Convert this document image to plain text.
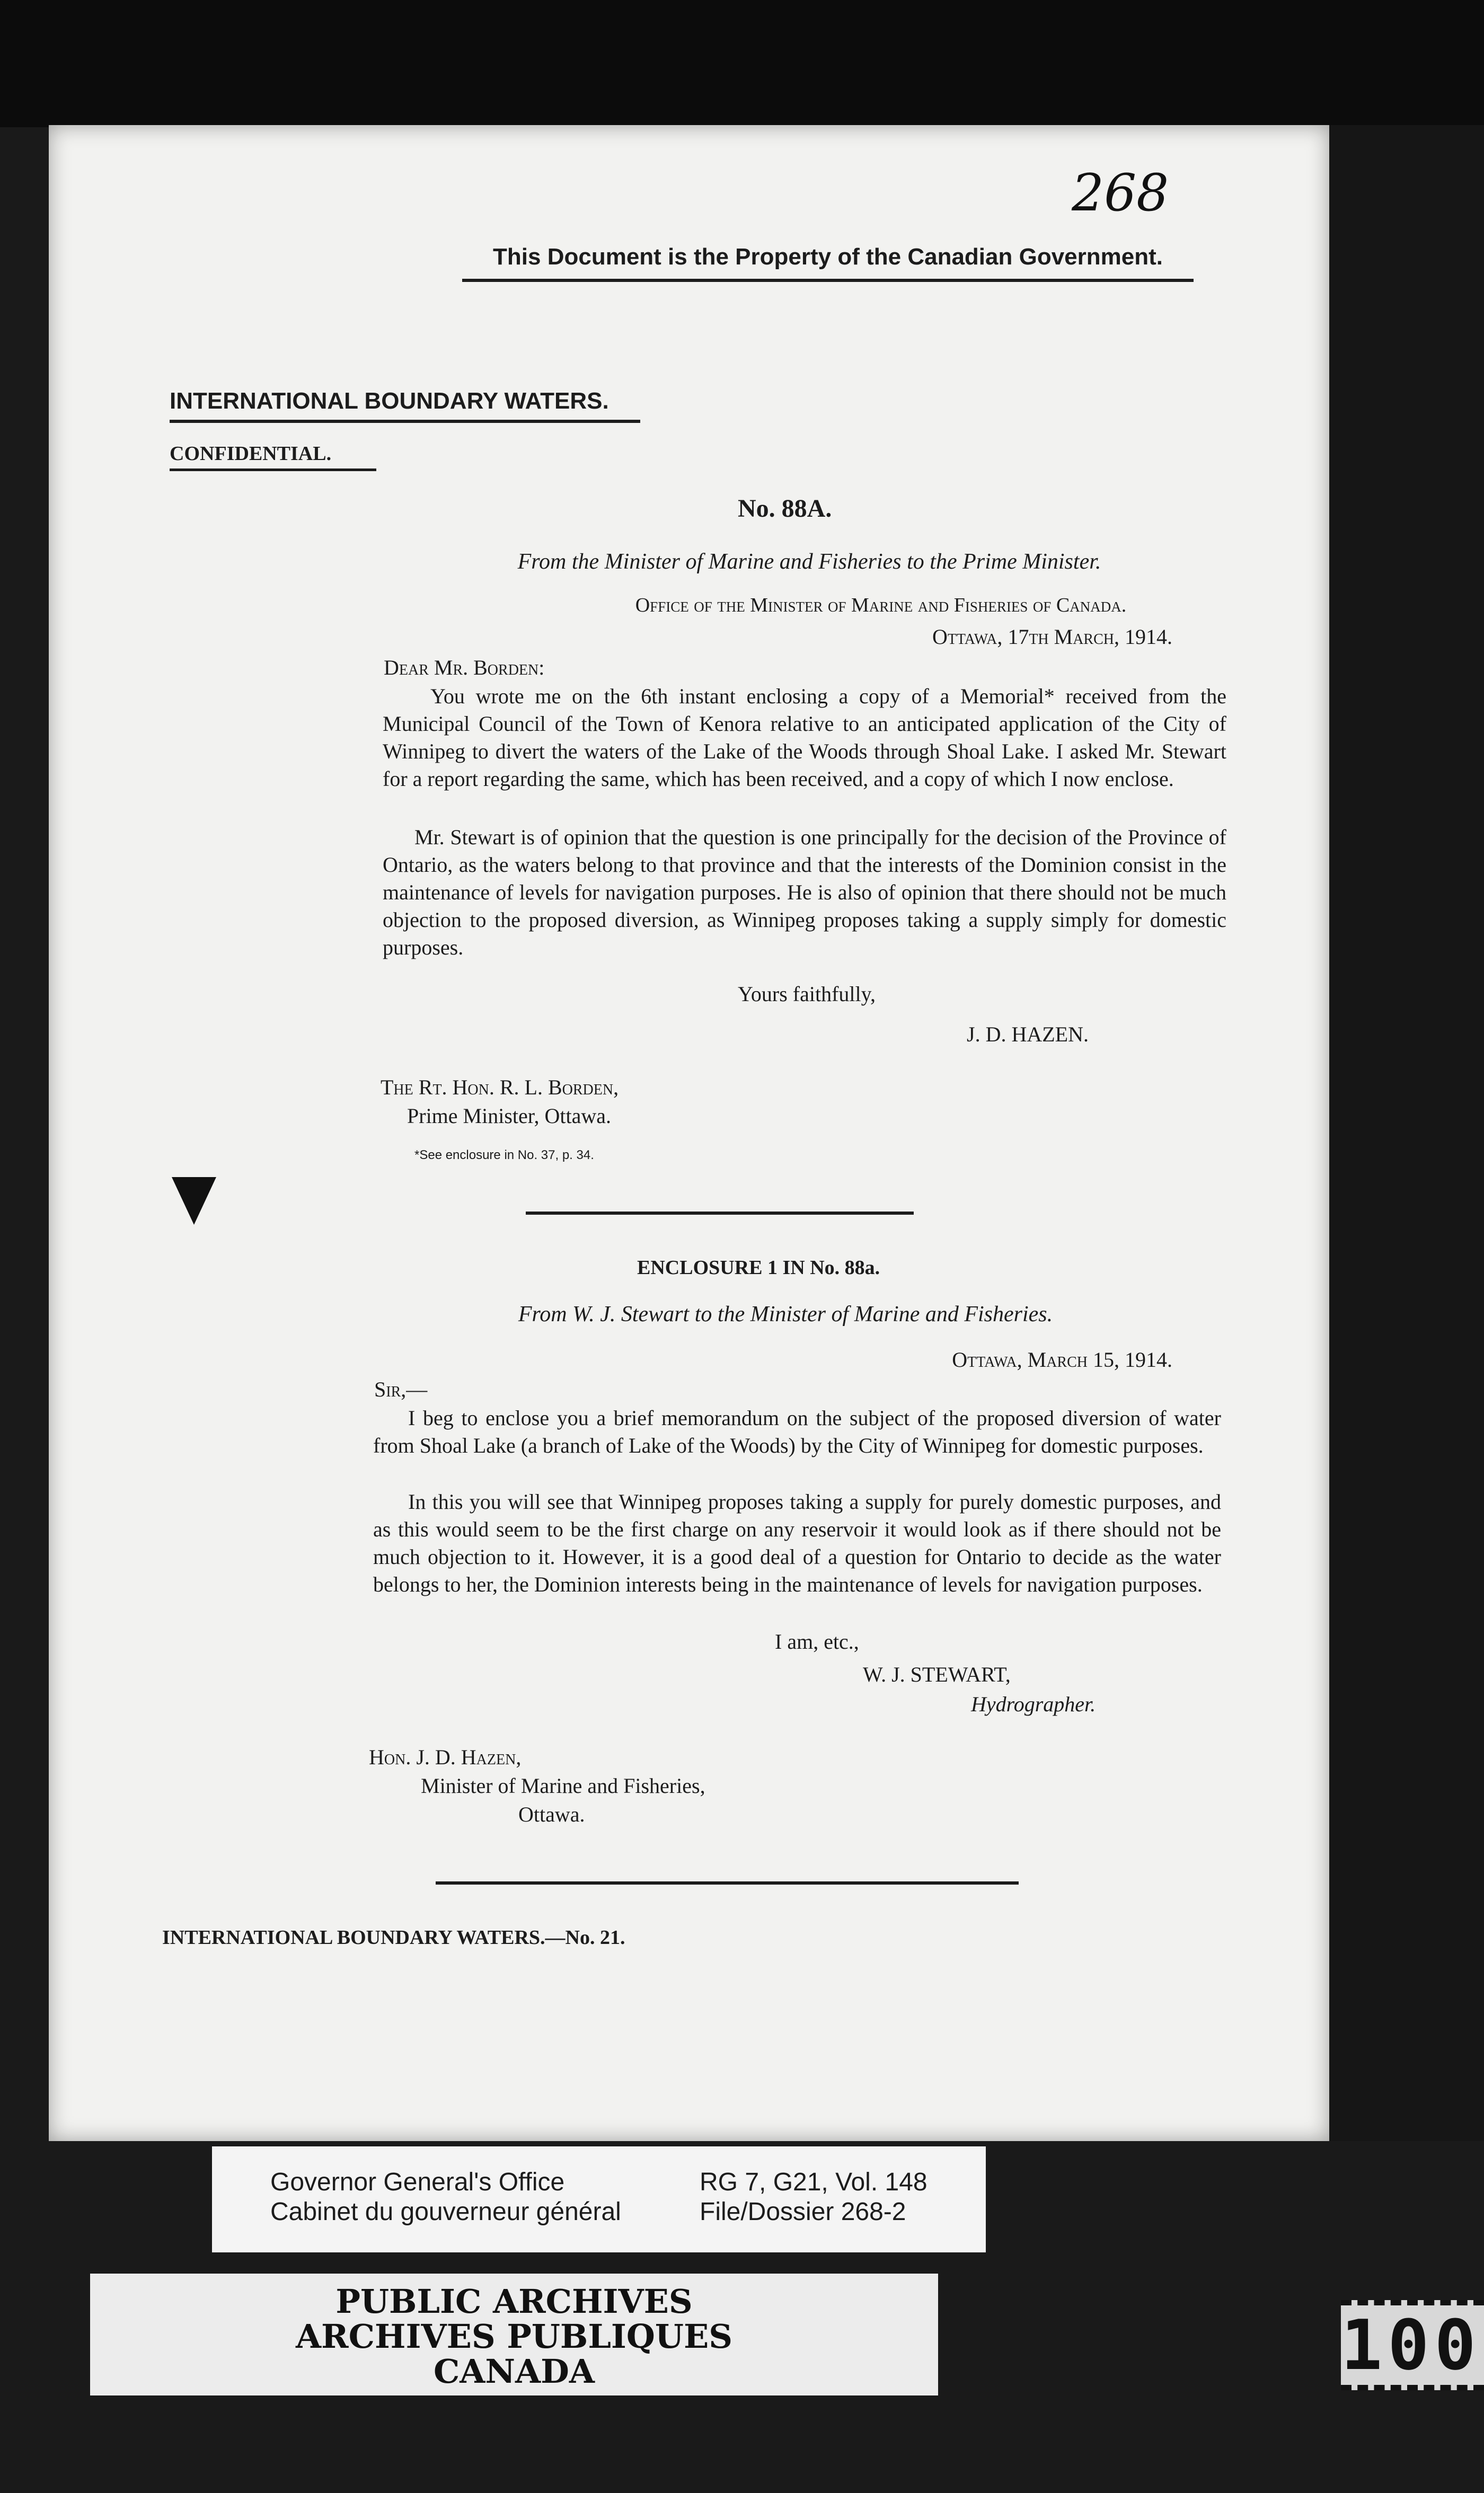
268
This Document is the Property of the Canadian Government.
INTERNATIONAL BOUNDARY WATERS.
CONFIDENTIAL.
No. 88A.
From the Minister of Marine and Fisheries to the Prime Minister.
Office of the Minister of Marine and Fisheries of Canada.
Ottawa, 17th March, 1914.
Dear Mr. Borden:

You wrote me on the 6th instant enclosing a copy of a Memorial* received from the Municipal Council of the Town of Kenora relative to an anticipated application of the City of Winnipeg to divert the waters of the Lake of the Woods through Shoal Lake. I asked Mr. Stewart for a report regarding the same, which has been received, and a copy of which I now enclose.

Mr. Stewart is of opinion that the question is one principally for the decision of the Province of Ontario, as the waters belong to that province and that the interests of the Dominion consist in the maintenance of levels for navigation purposes. He is also of opinion that there should not be much objection to the proposed diversion, as Winnipeg proposes taking a supply simply for domestic purposes.

Yours faithfully,
J. D. HAZEN.
The Rt. Hon. R. L. Borden,
Prime Minister, Ottawa.
*See enclosure in No. 37, p. 34.
ENCLOSURE 1 IN No. 88a.
From W. J. Stewart to the Minister of Marine and Fisheries.
Ottawa, March 15, 1914.
Sir,—

I beg to enclose you a brief memorandum on the subject of the proposed diversion of water from Shoal Lake (a branch of Lake of the Woods) by the City of Winnipeg for domestic purposes.

In this you will see that Winnipeg proposes taking a supply for purely domestic purposes, and as this would seem to be the first charge on any reservoir it would look as if there should not be much objection to it. However, it is a good deal of a question for Ontario to decide as the water belongs to her, the Dominion interests being in the maintenance of levels for navigation purposes.

I am, etc.,
W. J. STEWART,
Hydrographer.
Hon. J. D. Hazen,
Minister of Marine and Fisheries,
Ottawa.
INTERNATIONAL BOUNDARY WATERS.—No. 21.
Governor General's Office
Cabinet du gouverneur général
RG 7, G21, Vol. 148
File/Dossier 268-2
PUBLIC ARCHIVES
ARCHIVES PUBLIQUES
CANADA	100
